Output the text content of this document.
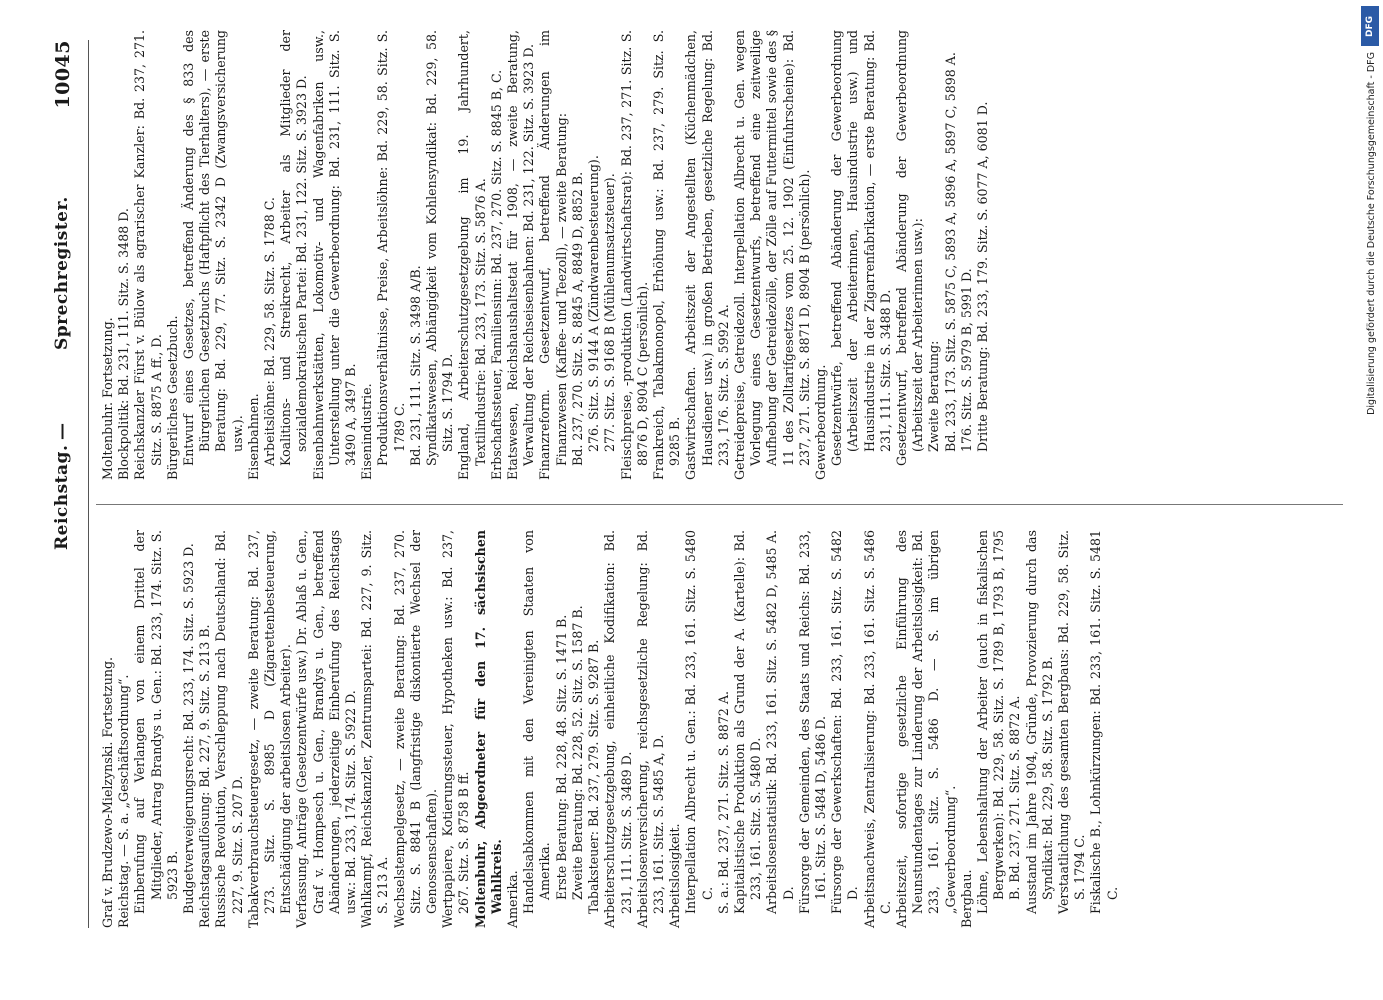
Reichstag.
—
Sprechregister.
10045

Graf v. Brudzewo-Mielzynski. Fortsetzung. Reichstag. — S. a. „Geschäftsordnung“. Einberufung auf Verlangen von einem Drittel der Mitglieder, Antrag Brandys u. Gen.: Bd. 233, 174. Sitz. S. 5923 B. Budgetverweigerungsrecht: Bd. 233, 174. Sitz. S. 5923 D. Reichstagsauflösung: Bd. 227, 9. Sitz. S. 213 B. Russische Revolution, Verschleppung nach Deutschland: Bd. 227, 9. Sitz. S. 207 D. Tabakverbrauchsteuergesetz, — zweite Beratung: Bd. 237, 273. Sitz. S. 8985 D (Zigarettenbesteuerung, Entschädigung der arbeitslosen Arbeiter). Verfassung. Anträge (Gesetzentwürfe usw.) Dr. Ablaß u. Gen., Graf v. Hompesch u. Gen., Brandys u. Gen., betreffend Abänderungen, jederzeitige Einberufung des Reichstags usw.: Bd. 233, 174. Sitz. S. 5922 D. Wahlkampf, Reichskanzler, Zentrumspartei: Bd. 227, 9. Sitz. S. 213 A. Wechselstempelgesetz, — zweite Beratung: Bd. 237, 270. Sitz. S. 8841 B (langfristige diskontierte Wechsel der Genossenschaften). Wertpapiere, Kotierungssteuer, Hypotheken usw.: Bd. 237, 267. Sitz. S. 8758 B ff. Moltenbuhr, Abgeordneter für den 17. sächsischen Wahlkreis. Amerika. Handelsabkommen mit den Vereinigten Staaten von Amerika. Erste Beratung: Bd. 228, 48. Sitz. S. 1471 B. Zweite Beratung: Bd. 228, 52. Sitz. S. 1587 B. Tabaksteuer: Bd. 237, 279. Sitz. S. 9287 B. Arbeiterschutzgesetzgebung, einheitliche Kodifikation: Bd. 231, 111. Sitz. S. 3489 D. Arbeitslosenversicherung, reichsgesetzliche Regelung: Bd. 233, 161. Sitz. S. 5485 A, D. Arbeitslosigkeit. Interpellation Albrecht u. Gen.: Bd. 233, 161. Sitz. S. 5480 C. S. a.: Bd. 237, 271. Sitz. S. 8872 A. Kapitalistische Produktion als Grund der A. (Kartelle): Bd. 233, 161. Sitz. S. 5480 D. Arbeitslosenstatistik: Bd. 233, 161. Sitz. S. 5482 D, 5485 A. D. Fürsorge der Gemeinden, des Staats und Reichs: Bd. 233, 161. Sitz. S. 5484 D, 5486 D. Fürsorge der Gewerkschaften: Bd. 233, 161. Sitz. S. 5482 D. Arbeitsnachweis, Zentralisierung: Bd. 233, 161. Sitz. S. 5486 C. Arbeitszeit, sofortige gesetzliche Einführung des Neunstundentages zur Linderung der Arbeitslosigkeit: Bd. 233, 161. Sitz. S. 5486 D. — S. im übrigen „Gewerbeordnung“. Bergbau. Löhne, Lebenshaltung der Arbeiter (auch in fiskalischen Bergwerken): Bd. 229, 58. Sitz. S. 1789 B, 1793 B, 1795 B. Bd. 237, 271. Sitz. S. 8872 A. Ausstand im Jahre 1904, Gründe, Provozierung durch das Syndikat: Bd. 229, 58. Sitz. S. 1792 B. Verstaatlichung des gesamten Bergbaus: Bd. 229, 58. Sitz. S. 1794 C. Fiskalische B., Lohnkürzungen: Bd. 233, 161. Sitz. S. 5481 C.

Moltenbuhr. Fortsetzung. Blockpolitik: Bd. 231, 111. Sitz. S. 3488 D. Reichskanzler Fürst v. Bülow als agrarischer Kanzler: Bd. 237, 271. Sitz. S. 8875 A ff., D. Bürgerliches Gesetzbuch. Entwurf eines Gesetzes, betreffend Änderung des § 833 des Bürgerlichen Gesetzbuchs (Haftpflicht des Tierhalters), — erste Beratung: Bd. 229, 77. Sitz. S. 2342 D (Zwangsversicherung usw.). Eisenbahnen. Arbeitslöhne: Bd. 229, 58. Sitz. S. 1788 C. Koalitions- und Streikrecht, Arbeiter als Mitglieder der sozialdemokratischen Partei: Bd. 231, 122. Sitz. S. 3923 D. Eisenbahnwerkstätten, Lokomotiv- und Wagenfabriken usw., Unterstellung unter die Gewerbeordnung: Bd. 231, 111. Sitz. S. 3490 A, 3497 B. Eisenindustrie. Produktionsverhältnisse, Preise, Arbeitslöhne: Bd. 229, 58. Sitz. S. 1789 C. Bd. 231, 111. Sitz. S. 3498 A/B. Syndikatswesen, Abhängigkeit vom Kohlensyndikat: Bd. 229, 58. Sitz. S. 1794 D. England, Arbeiterschutzgesetzgebung im 19. Jahrhundert, Textilindustrie: Bd. 233, 173. Sitz. S. 5876 A. Erbschaftssteuer, Familiensinn: Bd. 237, 270. Sitz. S. 8845 B, C. Etatswesen, Reichshaushaltsetat für 1908, — zweite Beratung, Verwaltung der Reichseisenbahnen: Bd. 231, 122. Sitz. S. 3923 D. Finanzreform. Gesetzentwurf, betreffend Änderungen im Finanzwesen (Kaffee- und Teezoll), — zweite Beratung: Bd. 237, 270. Sitz. S. 8845 A, 8849 D, 8852 B. 276. Sitz. S. 9144 A (Zündwarenbesteuerung). 277. Sitz. S. 9168 B (Mühlenumsatzsteuer). Fleischpreise, -produktion (Landwirtschaftsrat): Bd. 237, 271. Sitz. S. 8876 D, 8904 C (persönlich). Frankreich, Tabakmonopol, Erhöhung usw.: Bd. 237, 279. Sitz. S. 9285 B. Gastwirtschaften. Arbeitszeit der Angestellten (Küchenmädchen, Hausdiener usw.) in großen Betrieben, gesetzliche Regelung: Bd. 233, 176. Sitz. S. 5992 A. Getreidepreise, Getreidezoll. Interpellation Albrecht u. Gen. wegen Vorlegung eines Gesetzentwurfs, betreffend eine zeitweilige Aufhebung der Getreidezölle, der Zölle auf Futtermittel sowie des § 11 des Zolltarifgesetzes vom 25. 12. 1902 (Einfuhrscheine): Bd. 237, 271. Sitz. S. 8871 D, 8904 B (persönlich). Gewerbeordnung. Gesetzentwürfe, betreffend Abänderung der Gewerbeordnung (Arbeitszeit der Arbeiterinnen, Hausindustrie usw.) und Hausindustrie in der Zigarrenfabrikation, — erste Beratung: Bd. 231, 111. Sitz. S. 3488 D. Gesetzentwurf, betreffend Abänderung der Gewerbeordnung (Arbeitszeit der Arbeiterinnen usw.): Zweite Beratung: Bd. 233, 173. Sitz. S. 5875 C, 5893 A, 5896 A, 5897 C, 5898 A. 176. Sitz. S. 5979 B, 5991 D. Dritte Beratung: Bd. 233, 179. Sitz. S. 6077 A, 6081 D.

DFG
Digitalisierung gefördert durch die Deutsche Forschungsgemeinschaft - DFG
